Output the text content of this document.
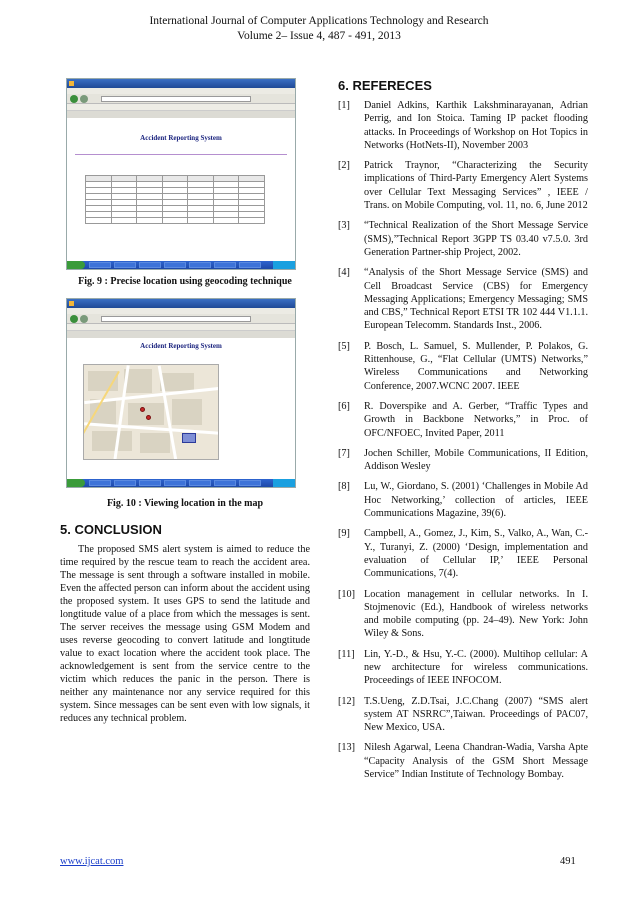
International Journal of Computer Applications Technology and Research
Volume 2– Issue 4, 487 - 491, 2013
Accident Reporting System

Fig. 9 : Precise location using geocoding technique
Accident Reporting System
Fig. 10 : Viewing location in the map
5. CONCLUSION

The proposed SMS alert system is aimed to reduce the time required by the rescue team to reach the accident area. The message is sent through a software installed in mobile. Even the affected person can inform about the accident using the proposed system. It uses GPS to send the latitude and longtitude value of a place from which the messages is sent. The server receives the message using GSM Modem and uses reverse geocoding to convert latitude and longtitude value to exact location where the accident took place. The acknowledgement is sent from the service centre to the victim which reduces the panic in the person. There is neither any maintenance nor any service required for this system. Since messages can be sent even with low signals, it reduces any technical problem.

6. REFERECES
[1]	Daniel Adkins, Karthik Lakshminarayanan, Adrian Perrig, and Ion Stoica. Taming IP packet flooding attacks. In Proceedings of Workshop on Hot Topics in Networks (HotNets-II), November 2003
[2]	Patrick Traynor, “Characterizing the Security implications of Third-Party Emergency Alert Systems over Cellular Text Messaging Services” , IEEE / Trans. on Mobile Computing, vol. 11, no. 6, June 2012
[3]	“Technical Realization of the Short Message Service (SMS),”Technical Report 3GPP TS 03.40 v7.5.0. 3rd Generation Partner-ship Project, 2002.
[4]	“Analysis of the Short Message Service (SMS) and Cell Broadcast Service (CBS) for Emergency Messaging Applications; Emergency Messaging; SMS and CBS,” Technical Report ETSI TR 102 444 V1.1.1. European Telecomm. Standards Inst., 2006.
[5]	P. Bosch, L. Samuel, S. Mullender, P. Polakos, G. Rittenhouse, G., “Flat Cellular (UMTS) Networks,” Wireless Communications and Networking Conference, 2007.WCNC 2007. IEEE
[6]	R. Doverspike and A. Gerber, “Traffic Types and Growth in Backbone Networks,” in Proc. of OFC/NFOEC, Invited Paper, 2011
[7]	Jochen Schiller, Mobile Communications, II Edition, Addison Wesley
[8]	Lu, W., Giordano, S. (2001) ‘Challenges in Mobile Ad Hoc Networking,’ collection of articles, IEEE Communications Magazine, 39(6).
[9]	Campbell, A., Gomez, J., Kim, S., Valko, A., Wan, C.-Y., Turanyi, Z. (2000) ‘Design, implementation and evaluation of Cellular IP,’ IEEE Personal Communications, 7(4).
[10] Location management in cellular networks. In I. Stojmenovic (Ed.), Handbook of wireless networks and mobile computing (pp. 24–49). New York: John Wiley & Sons.
[11] Lin, Y.-D., & Hsu, Y.-C. (2000). Multihop cellular: A new architecture for wireless communications. Proceedings of IEEE INFOCOM.
[12] T.S.Ueng, Z.D.Tsai, J.C.Chang (2007) “SMS alert system AT NSRRC”,Taiwan. Proceedings of PAC07, New Mexico, USA.
[13] Nilesh Agarwal, Leena Chandran-Wadia, Varsha Apte “Capacity Analysis of the GSM Short Message Service” Indian Institute of Technology Bombay.
www.ijcat.com	491
